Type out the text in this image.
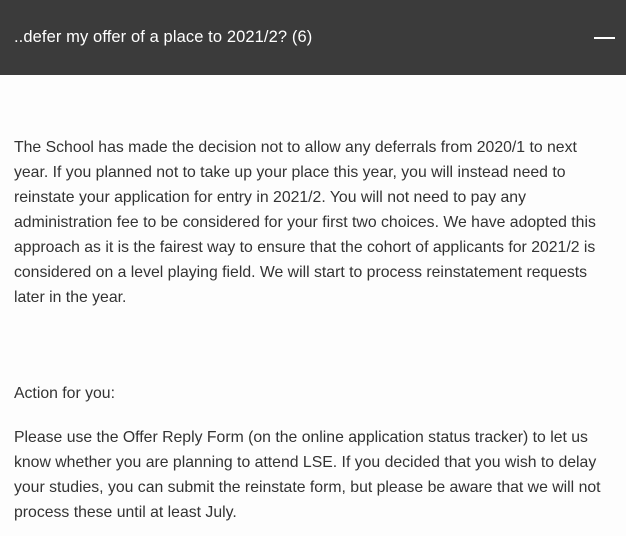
..defer my offer of a place to 2021/2? (6)

The School has made the decision not to allow any deferrals from 2020/1 to next
year. If you planned not to take up your place this year, you will instead need to
reinstate your application for entry in 2021/2. You will not need to pay any
administration fee to be considered for your first two choices. We have adopted this
approach as it is the fairest way to ensure that the cohort of applicants for 2021/2 is
considered on a level playing field. We will start to process reinstatement requests
later in the year.

Action for you:

Please use the Offer Reply Form (on the online application status tracker) to let us
know whether you are planning to attend LSE. If you decided that you wish to delay
your studies, you can submit the reinstate form, but please be aware that we will not
process these until at least July.
